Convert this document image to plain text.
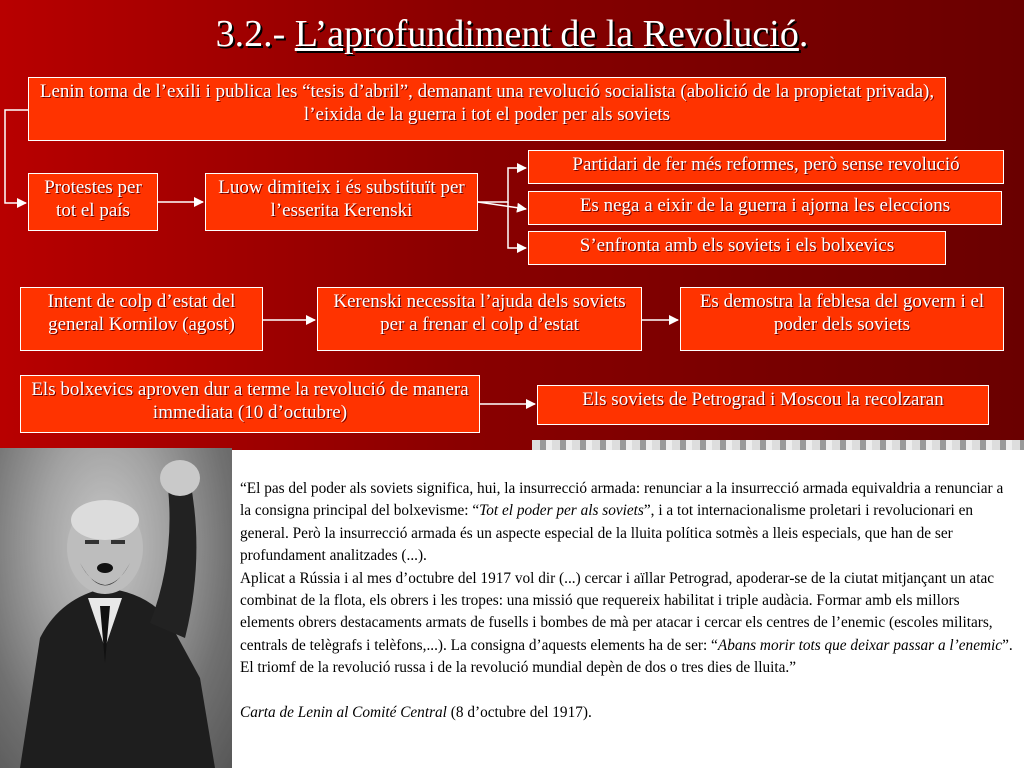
3.2.- L’aprofundiment de la Revolució.
Lenin torna de l’exili i publica les “tesis d’abril”, demanant una revolució socialista (abolició de la propietat privada), l’eixida de la guerra i tot el poder per als soviets
Protestes per tot el país
Luow dimiteix i és substituït per l’esserita Kerenski
Partidari de fer més reformes, però sense revolució
Es nega a eixir de la guerra i ajorna les eleccions
S’enfronta amb els soviets i els bolxevics
Intent de colp d’estat del general Kornilov (agost)
Kerenski necessita l’ajuda dels soviets per a frenar el colp d’estat
Es demostra la feblesa del govern i el poder dels soviets
Els bolxevics aproven dur a terme la revolució de manera immediata (10 d’octubre)
Els soviets de Petrograd i Moscou la recolzaran

“El pas del poder als soviets significa, hui, la insurrecció armada: renunciar a la insurrecció armada equivaldria a renunciar a la consigna principal del bolxevisme: “Tot el poder per als soviets”, i a tot internacionalisme proletari i revolucionari en general. Però la insurrecció armada és un aspecte especial de la lluita política sotmès a lleis especials, que han de ser profundament analitzades (...).

Aplicat a Rússia i al mes d’octubre del 1917 vol dir (...) cercar i aïllar Petrograd, apoderar-se de la ciutat mitjançant un atac combinat de la flota, els obrers i les tropes: una missió que requereix habilitat i triple audàcia. Formar amb els millors elements obrers destacaments armats de fusells i bombes de mà per atacar i cercar els centres de l’enemic (escoles militars, centrals de telègrafs i telèfons,...). La consigna d’aquests elements ha de ser: “Abans morir tots que deixar passar a l’enemic”. El triomf de la revolució russa i de la revolució mundial depèn de dos o tres dies de lluita.”

Carta de Lenin al Comité Central (8 d’octubre del 1917).
